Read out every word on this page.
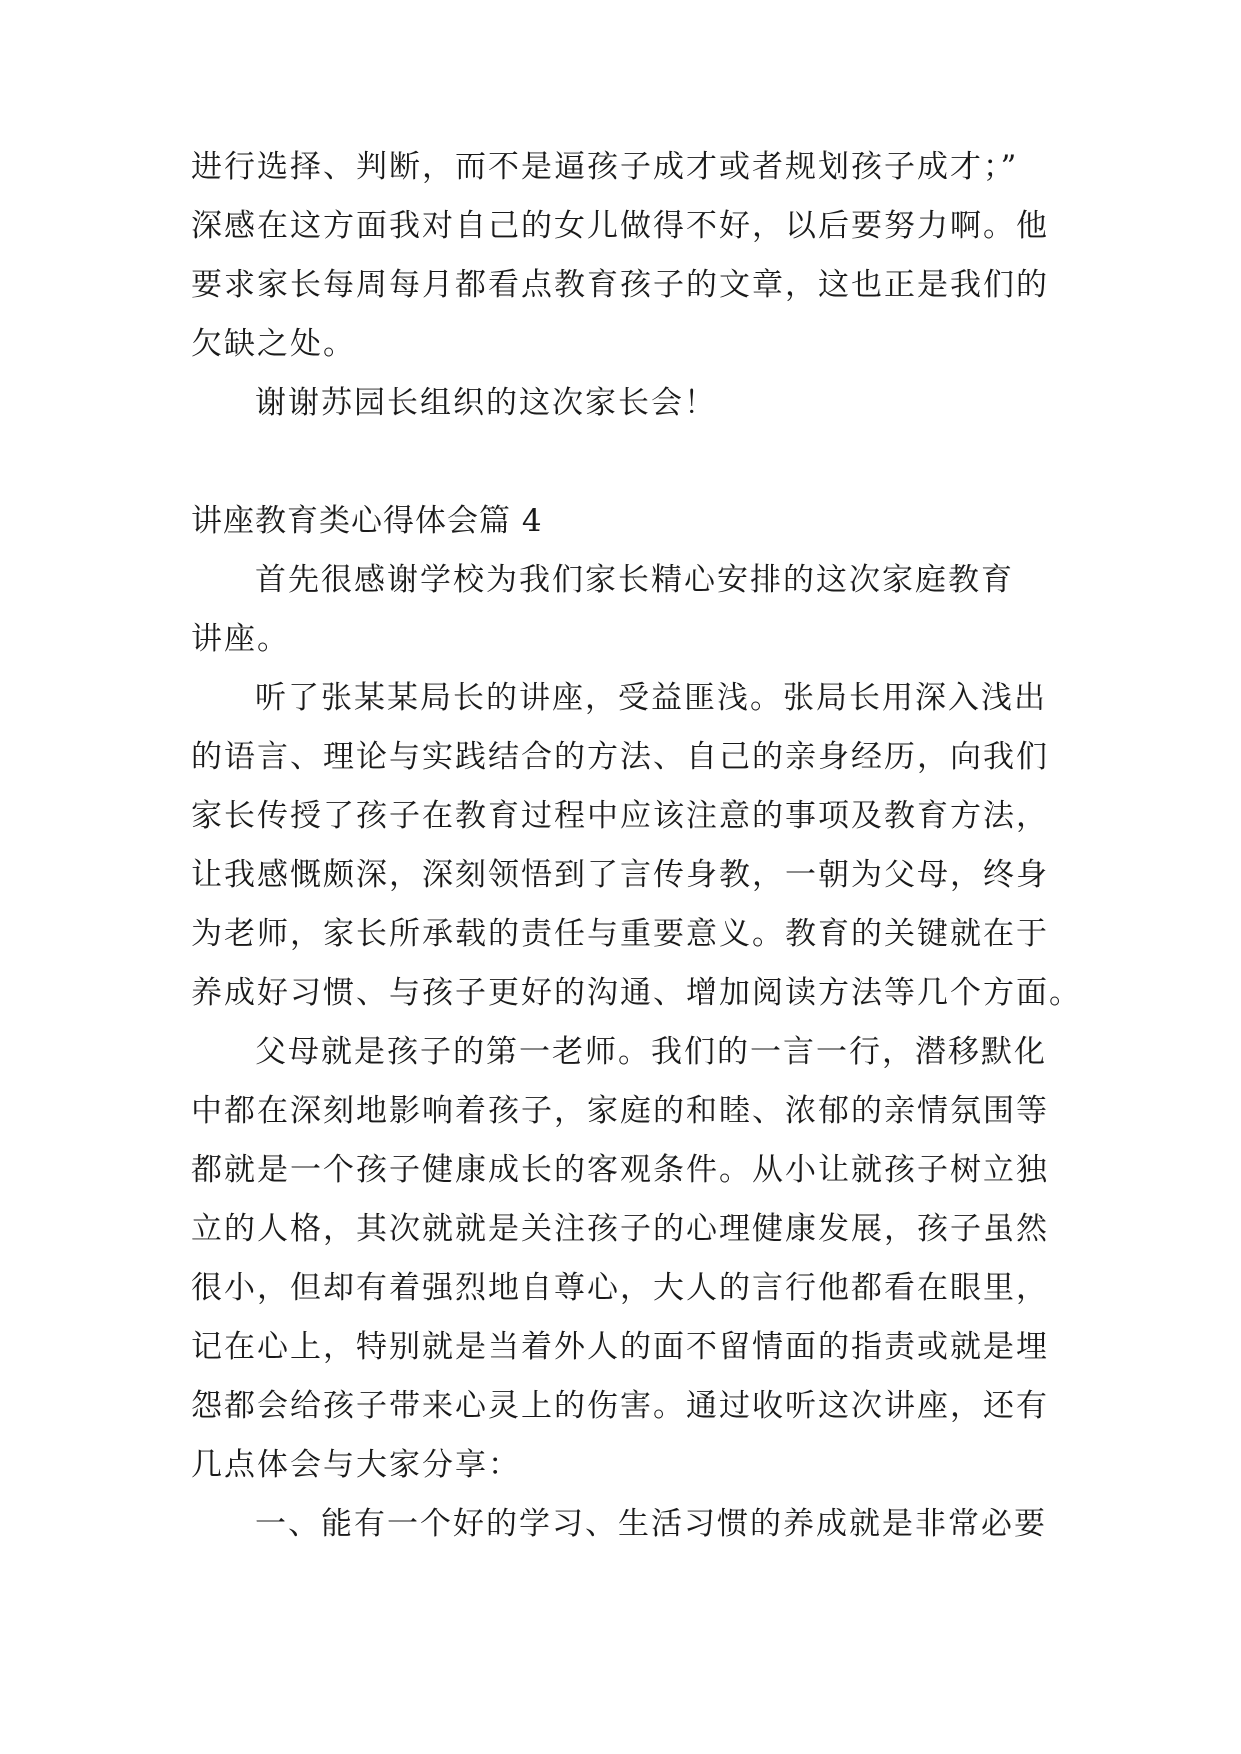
进行选择、判断，而不是逼孩子成才或者规划孩子成才；”
深感在这方面我对自己的女儿做得不好，以后要努力啊。他
要求家长每周每月都看点教育孩子的文章，这也正是我们的
欠缺之处。
谢谢苏园长组织的这次家长会！
讲座教育类心得体会篇 4
首先很感谢学校为我们家长精心安排的这次家庭教育
讲座。
听了张某某局长的讲座，受益匪浅。张局长用深入浅出
的语言、理论与实践结合的方法、自己的亲身经历，向我们
家长传授了孩子在教育过程中应该注意的事项及教育方法，
让我感慨颇深，深刻领悟到了言传身教，一朝为父母，终身
为老师，家长所承载的责任与重要意义。教育的关键就在于
养成好习惯、与孩子更好的沟通、增加阅读方法等几个方面。
父母就是孩子的第一老师。我们的一言一行，潜移默化
中都在深刻地影响着孩子，家庭的和睦、浓郁的亲情氛围等
都就是一个孩子健康成长的客观条件。从小让就孩子树立独
立的人格，其次就就是关注孩子的心理健康发展，孩子虽然
很小，但却有着强烈地自尊心，大人的言行他都看在眼里，
记在心上，特别就是当着外人的面不留情面的指责或就是埋
怨都会给孩子带来心灵上的伤害。通过收听这次讲座，还有
几点体会与大家分享：
一、能有一个好的学习、生活习惯的养成就是非常必要
